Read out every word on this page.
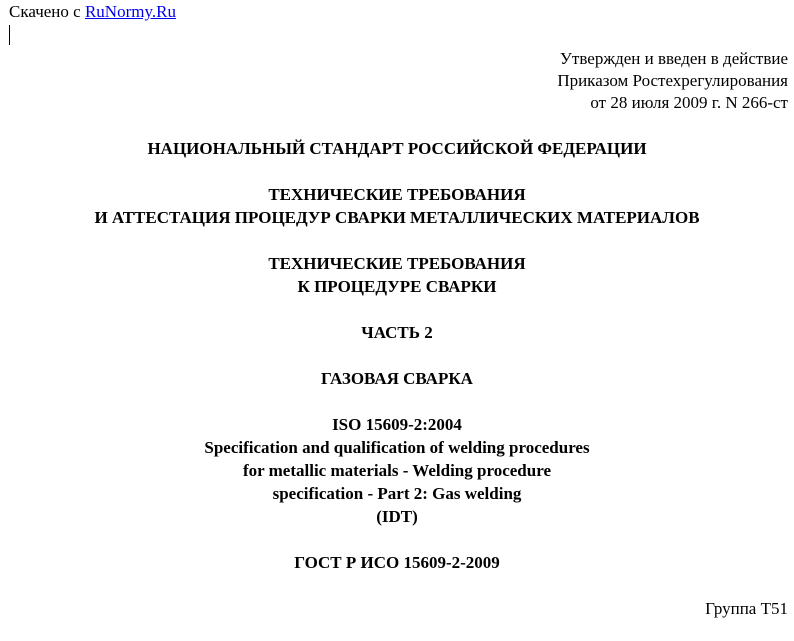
Скачено с RuNormy.Ru
Утвержден и введен в действие
Приказом Ростехрегулирования
от 28 июля 2009 г. N 266-ст
НАЦИОНАЛЬНЫЙ СТАНДАРТ РОССИЙСКОЙ ФЕДЕРАЦИИ
ТЕХНИЧЕСКИЕ ТРЕБОВАНИЯ
И АТТЕСТАЦИЯ ПРОЦЕДУР СВАРКИ МЕТАЛЛИЧЕСКИХ МАТЕРИАЛОВ
ТЕХНИЧЕСКИЕ ТРЕБОВАНИЯ
К ПРОЦЕДУРЕ СВАРКИ
ЧАСТЬ 2
ГАЗОВАЯ СВАРКА
ISO 15609-2:2004
Specification and qualification of welding procedures
for metallic materials - Welding procedure
specification - Part 2: Gas welding
(IDT)
ГОСТ Р ИСО 15609-2-2009
Группа Т51
